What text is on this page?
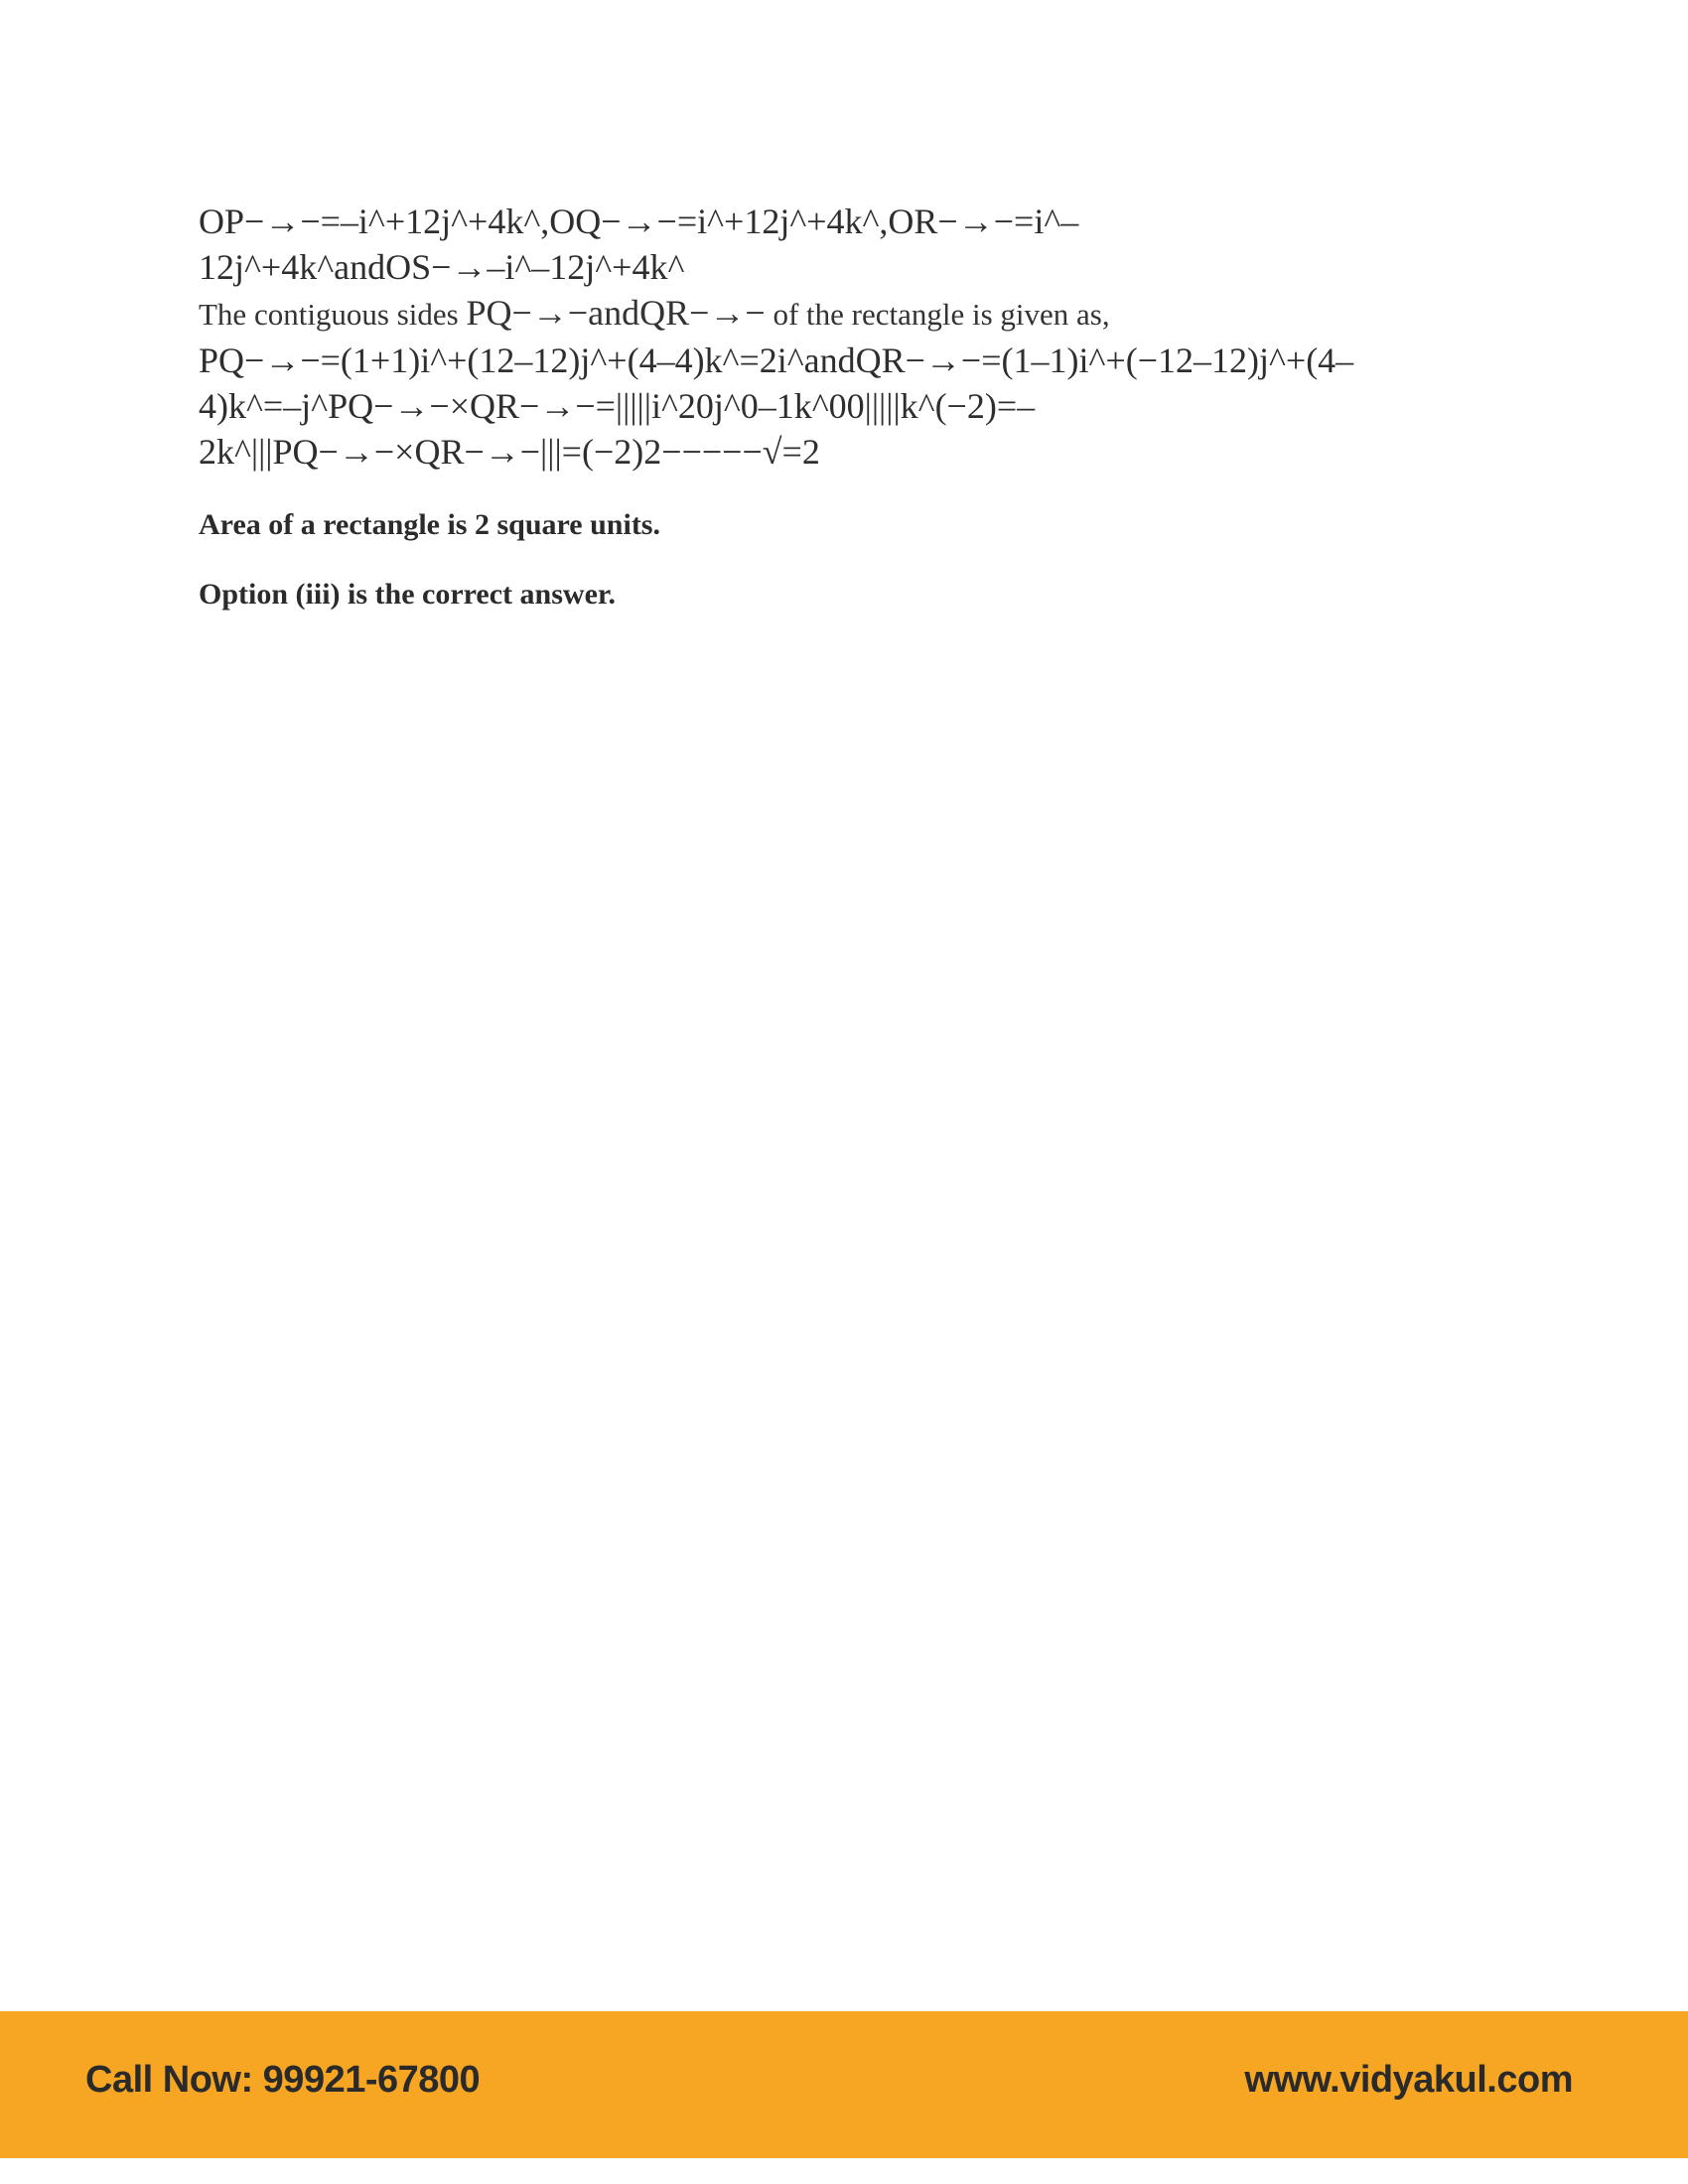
OP−→−=–i^+12j^+4k^,OQ−→−=i^+12j^+4k^,OR−→−=i^–
12j^+4k^andOS−→–i^–12j^+4k^
The contiguous sides PQ−→−andQR−→− of the rectangle is given as,
PQ−→−=(1+1)i^+(12–12)j^+(4–4)k^=2i^andQR−→−=(1–1)i^+(−12–12)j^+(4–
4)k^=–j^PQ−→−×QR−→−=|||||i^20j^0–1k^00|||||k^(−2)=–
2k^|||PQ−→−×QR−→−|||=(−2)2−−−−−√=2
Area of a rectangle is 2 square units.
Option (iii) is the correct answer.
Call Now: 99921-67800	www.vidyakul.com
